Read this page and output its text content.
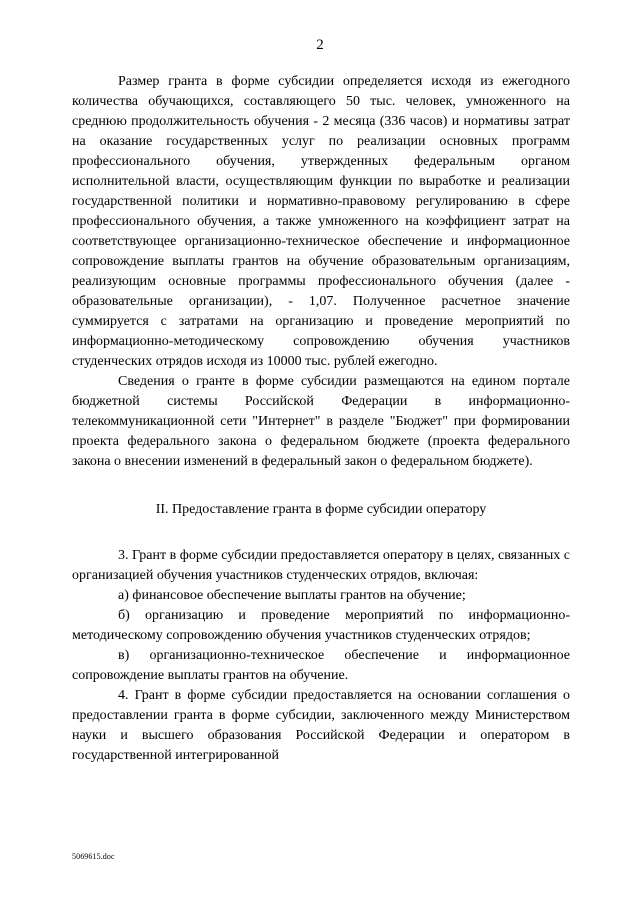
2

Размер гранта в форме субсидии определяется исходя из ежегодного количества обучающихся, составляющего 50 тыс. человек, умноженного на среднюю продолжительность обучения - 2 месяца (336 часов) и нормативы затрат на оказание государственных услуг по реализации основных программ профессионального обучения, утвержденных федеральным органом исполнительной власти, осуществляющим функции по выработке и реализации государственной политики и нормативно-правовому регулированию в сфере профессионального обучения, а также умноженного на коэффициент затрат на соответствующее организационно-техническое обеспечение и информационное сопровождение выплаты грантов на обучение образовательным организациям, реализующим основные программы профессионального обучения (далее - образовательные организации), - 1,07. Полученное расчетное значение суммируется с затратами на организацию и проведение мероприятий по информационно-методическому сопровождению обучения участников студенческих отрядов исходя из 10000 тыс. рублей ежегодно.

Сведения о гранте в форме субсидии размещаются на едином портале бюджетной системы Российской Федерации в информационно-телекоммуникационной сети "Интернет" в разделе "Бюджет" при формировании проекта федерального закона о федеральном бюджете (проекта федерального закона о внесении изменений в федеральный закон о федеральном бюджете).

II. Предоставление гранта в форме субсидии оператору

3. Грант в форме субсидии предоставляется оператору в целях, связанных с организацией обучения участников студенческих отрядов, включая:

а) финансовое обеспечение выплаты грантов на обучение;

б) организацию и проведение мероприятий по информационно-методическому сопровождению обучения участников студенческих отрядов;

в) организационно-техническое обеспечение и информационное сопровождение выплаты грантов на обучение.

4. Грант в форме субсидии предоставляется на основании соглашения о предоставлении гранта в форме субсидии, заключенного между Министерством науки и высшего образования Российской Федерации и оператором в государственной интегрированной

5069615.doc
